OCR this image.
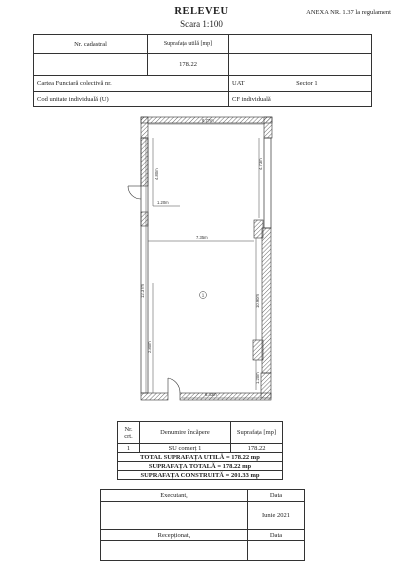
RELEVEU
Scara 1:100
ANEXA NR. 1.37 la regulament
Nr. cadastral	Suprafața utilă [mp]	
	178.22	
Cartea Funciară colectivă nr.		UAT Sector 1
Cod unitate individuală (U)		CF individuală
6.77m
4.73m
4.80m
1.20m
7.35m
12.37m
10.90m
2.80m
1.20m
6.43m
1
Nr. crt.	Denumire încăpere	Suprafața [mp]
1	SU comerț 1	178.22
TOTAL SUPRAFAȚA UTILĂ = 178.22 mp		
SUPRAFAȚA TOTALĂ = 178.22 mp		
SUPRAFAȚA CONSTRUITĂ = 201.33 mp		
Executant,	Data
	Iunie 2021
Recepționat,	Data
